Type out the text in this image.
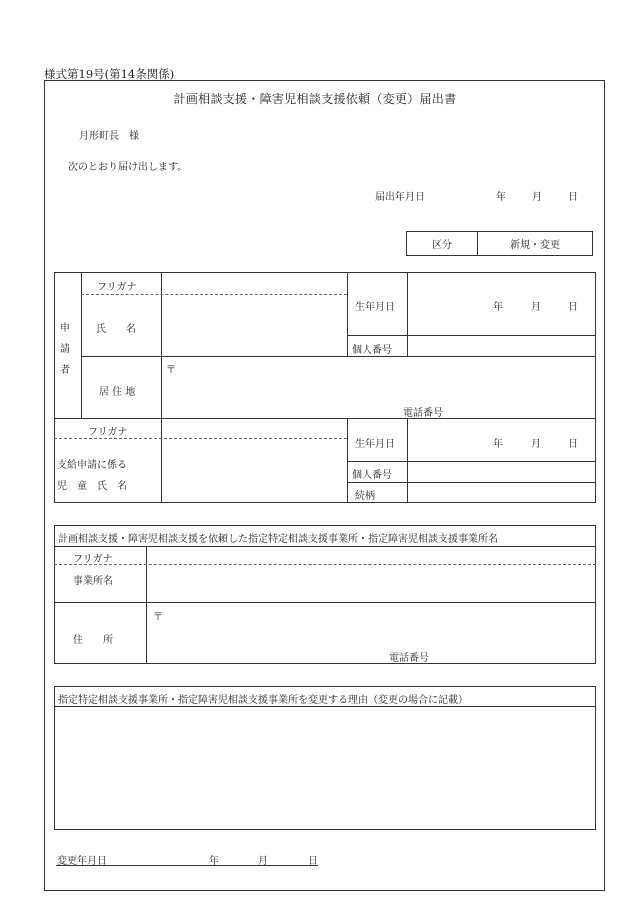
様式第19号(第14条関係)
計画相談支援・障害児相談支援依頼（変更）届出書
月形町長　様
次のとおり届け出します。
届出年月日	年	月	日
区分	新規・変更
申
請
者
フリガナ
氏　　名
生年月日	年	月	日
個人番号
居 住 地
〒
電話番号
フリガナ
支給申請に係る
児　童　氏　名
生年月日	年	月	日
個人番号
続柄
計画相談支援・障害児相談支援を依頼した指定特定相談支援事業所・指定障害児相談支援事業所名
フリガナ
事業所名
住　　所
〒
電話番号
指定特定相談支援事業所・指定障害児相談支援事業所を変更する理由（変更の場合に記載）
変更年月日	年	月	日
